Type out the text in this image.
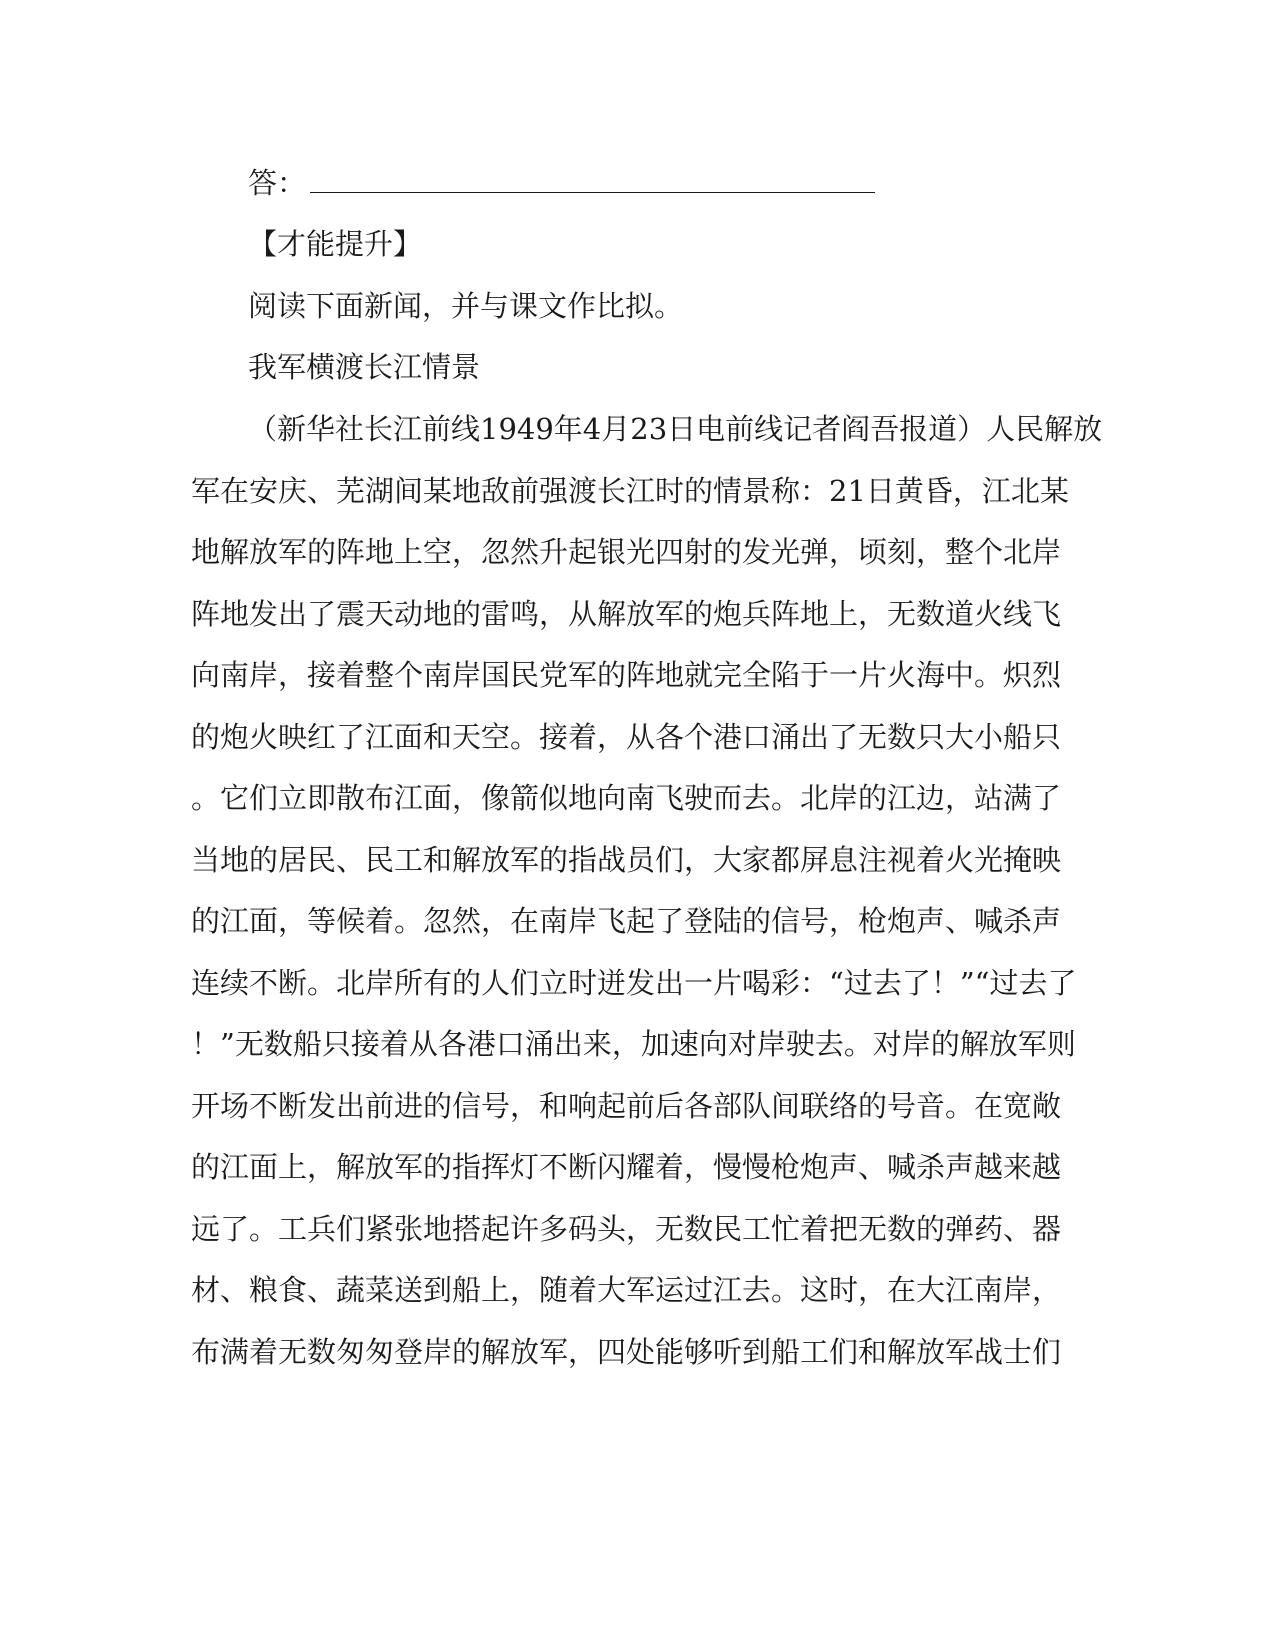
答：
【才能提升】
阅读下面新闻，并与课文作比拟。
我军横渡长江情景
（新华社长江前线1949年4月23日电前线记者阎吾报道）人民解放
军在安庆、芜湖间某地敌前强渡长江时的情景称：21日黄昏，江北某
地解放军的阵地上空，忽然升起银光四射的发光弹，顷刻，整个北岸
阵地发出了震天动地的雷鸣，从解放军的炮兵阵地上，无数道火线飞
向南岸，接着整个南岸国民党军的阵地就完全陷于一片火海中。炽烈
的炮火映红了江面和天空。接着，从各个港口涌出了无数只大小船只
。它们立即散布江面，像箭似地向南飞驶而去。北岸的江边，站满了
当地的居民、民工和解放军的指战员们，大家都屏息注视着火光掩映
的江面，等候着。忽然，在南岸飞起了登陆的信号，枪炮声、喊杀声
连续不断。北岸所有的人们立时迸发出一片喝彩：“过去了！”“过去了
！”无数船只接着从各港口涌出来，加速向对岸驶去。对岸的解放军则
开场不断发出前进的信号，和响起前后各部队间联络的号音。在宽敞
的江面上，解放军的指挥灯不断闪耀着，慢慢枪炮声、喊杀声越来越
远了。工兵们紧张地搭起许多码头，无数民工忙着把无数的弹药、器
材、粮食、蔬菜送到船上，随着大军运过江去。这时，在大江南岸，
布满着无数匆匆登岸的解放军，四处能够听到船工们和解放军战士们
